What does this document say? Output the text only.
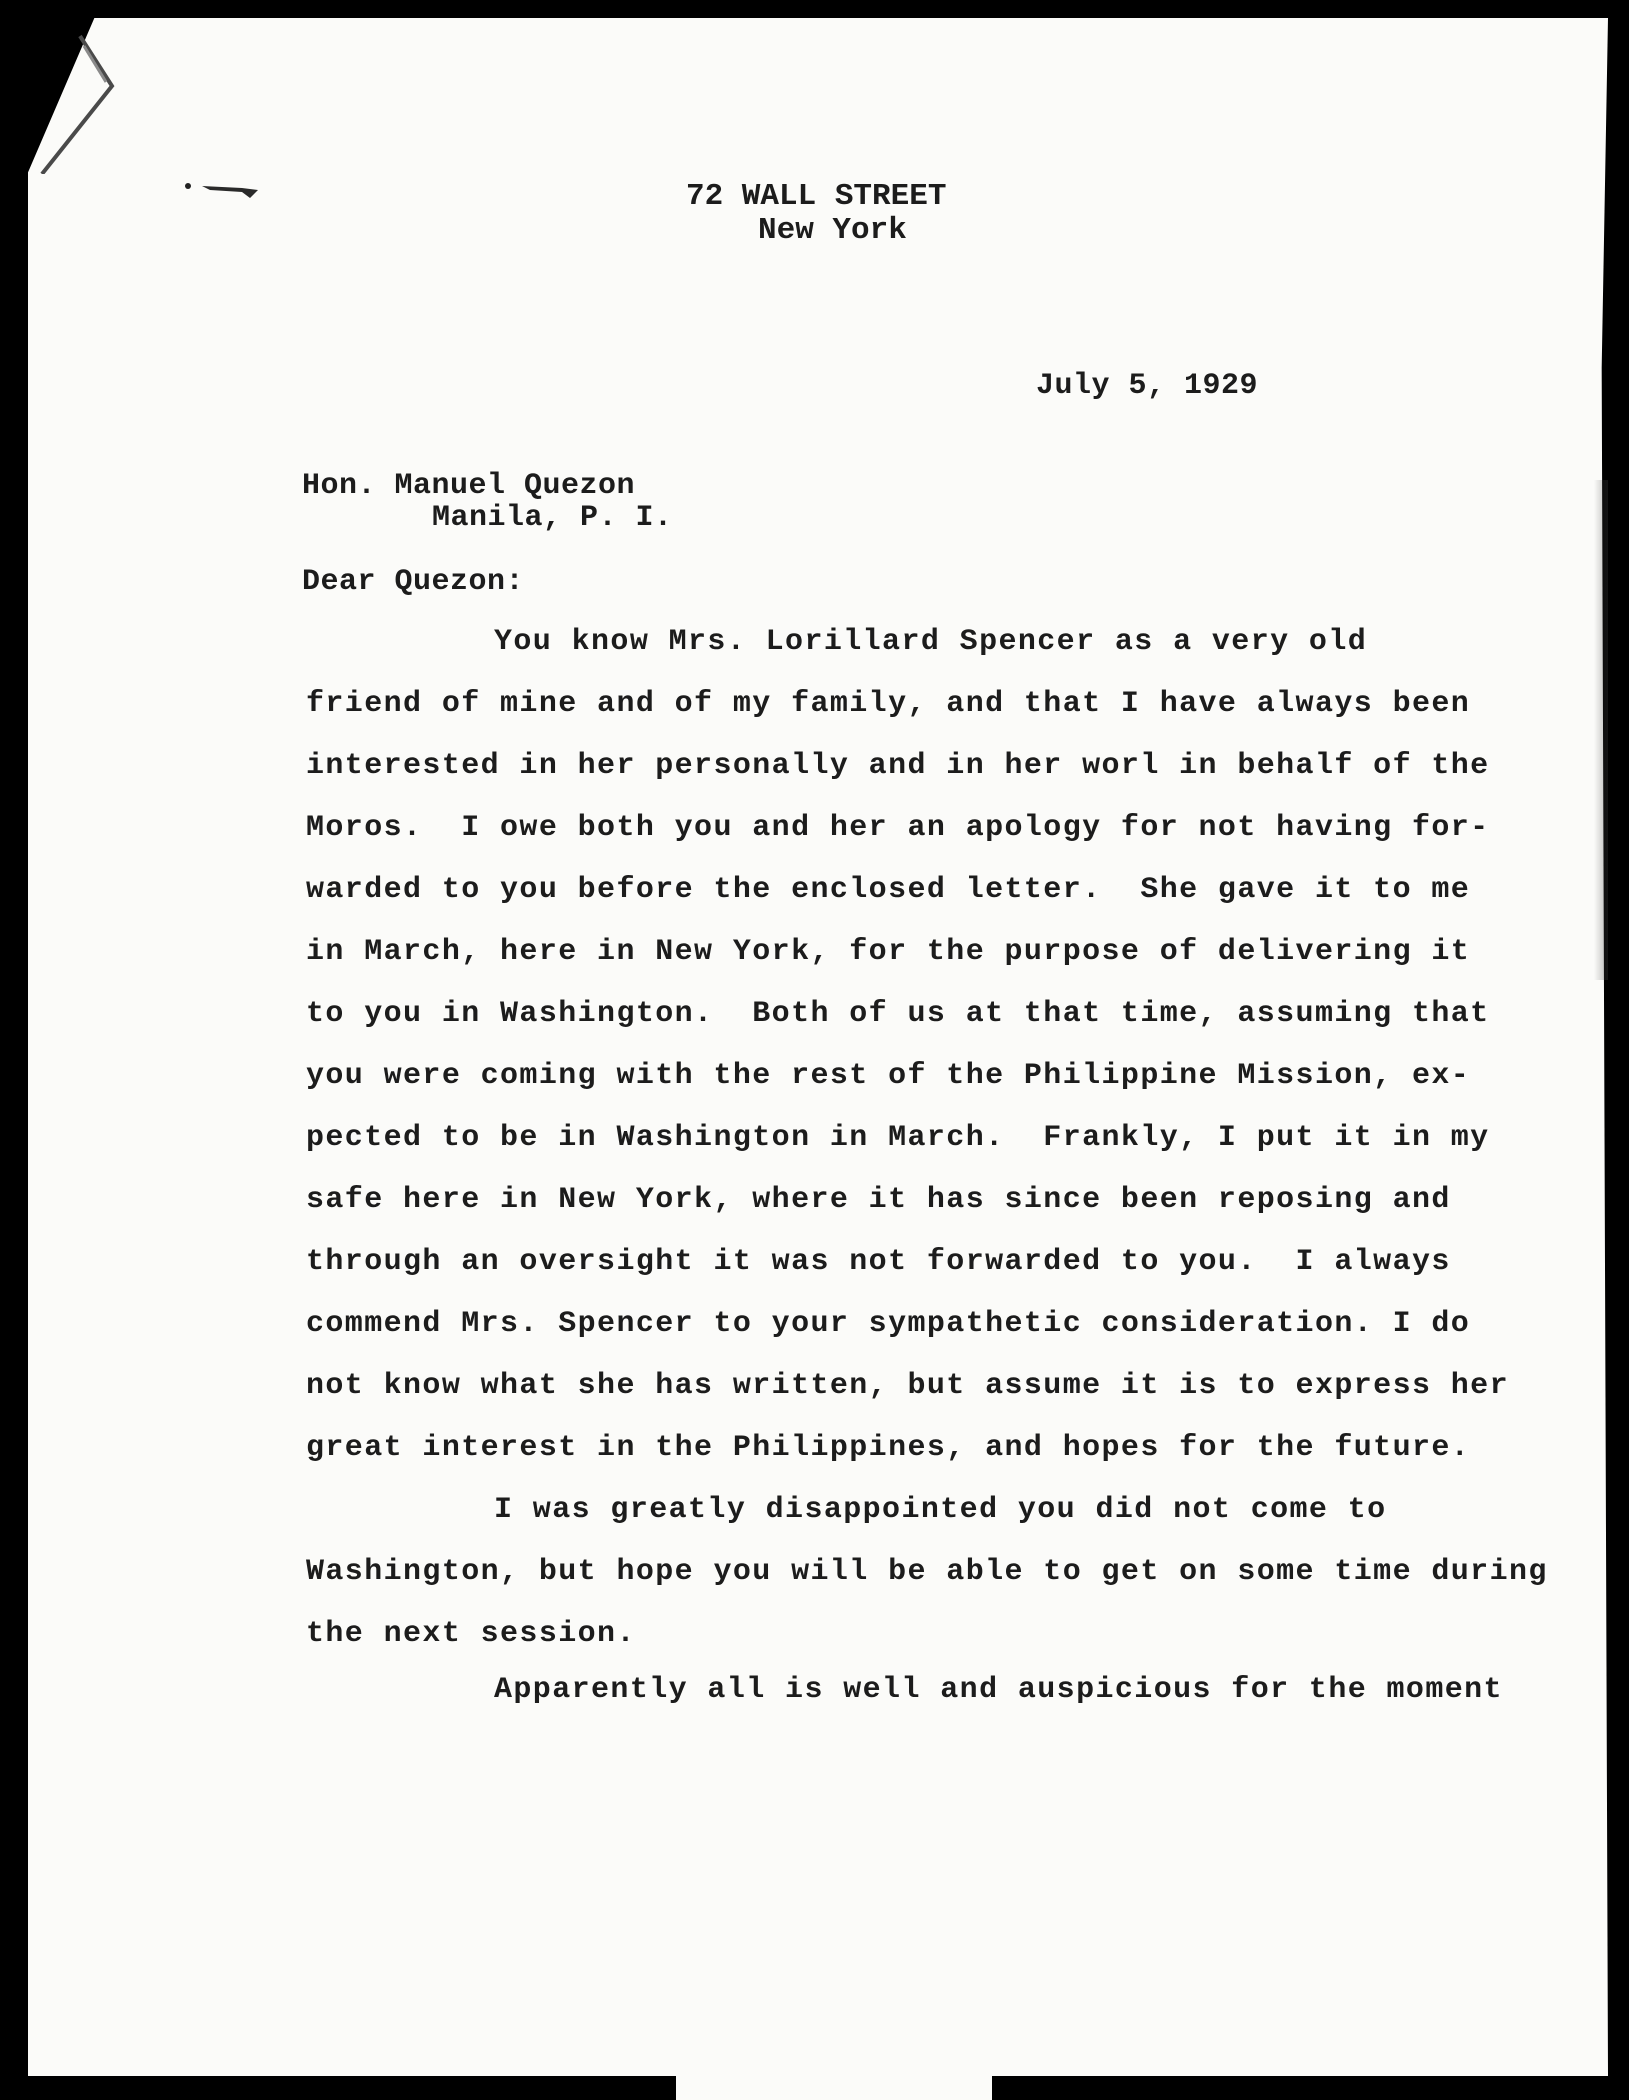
72 WALL STREET
New York
July 5, 1929
Hon. Manuel Quezon
Manila, P. I.
Dear Quezon:
You know Mrs. Lorillard Spencer as a very old
friend of mine and of my family, and that I have always been
interested in her personally and in her worl in behalf of the
Moros.  I owe both you and her an apology for not having for-
warded to you before the enclosed letter.  She gave it to me
in March, here in New York, for the purpose of delivering it
to you in Washington.  Both of us at that time, assuming that
you were coming with the rest of the Philippine Mission, ex-
pected to be in Washington in March.  Frankly, I put it in my
safe here in New York, where it has since been reposing and
through an oversight it was not forwarded to you.  I always
commend Mrs. Spencer to your sympathetic consideration. I do
not know what she has written, but assume it is to express her
great interest in the Philippines, and hopes for the future.
I was greatly disappointed you did not come to
Washington, but hope you will be able to get on some time during
the next session.
Apparently all is well and auspicious for the moment
